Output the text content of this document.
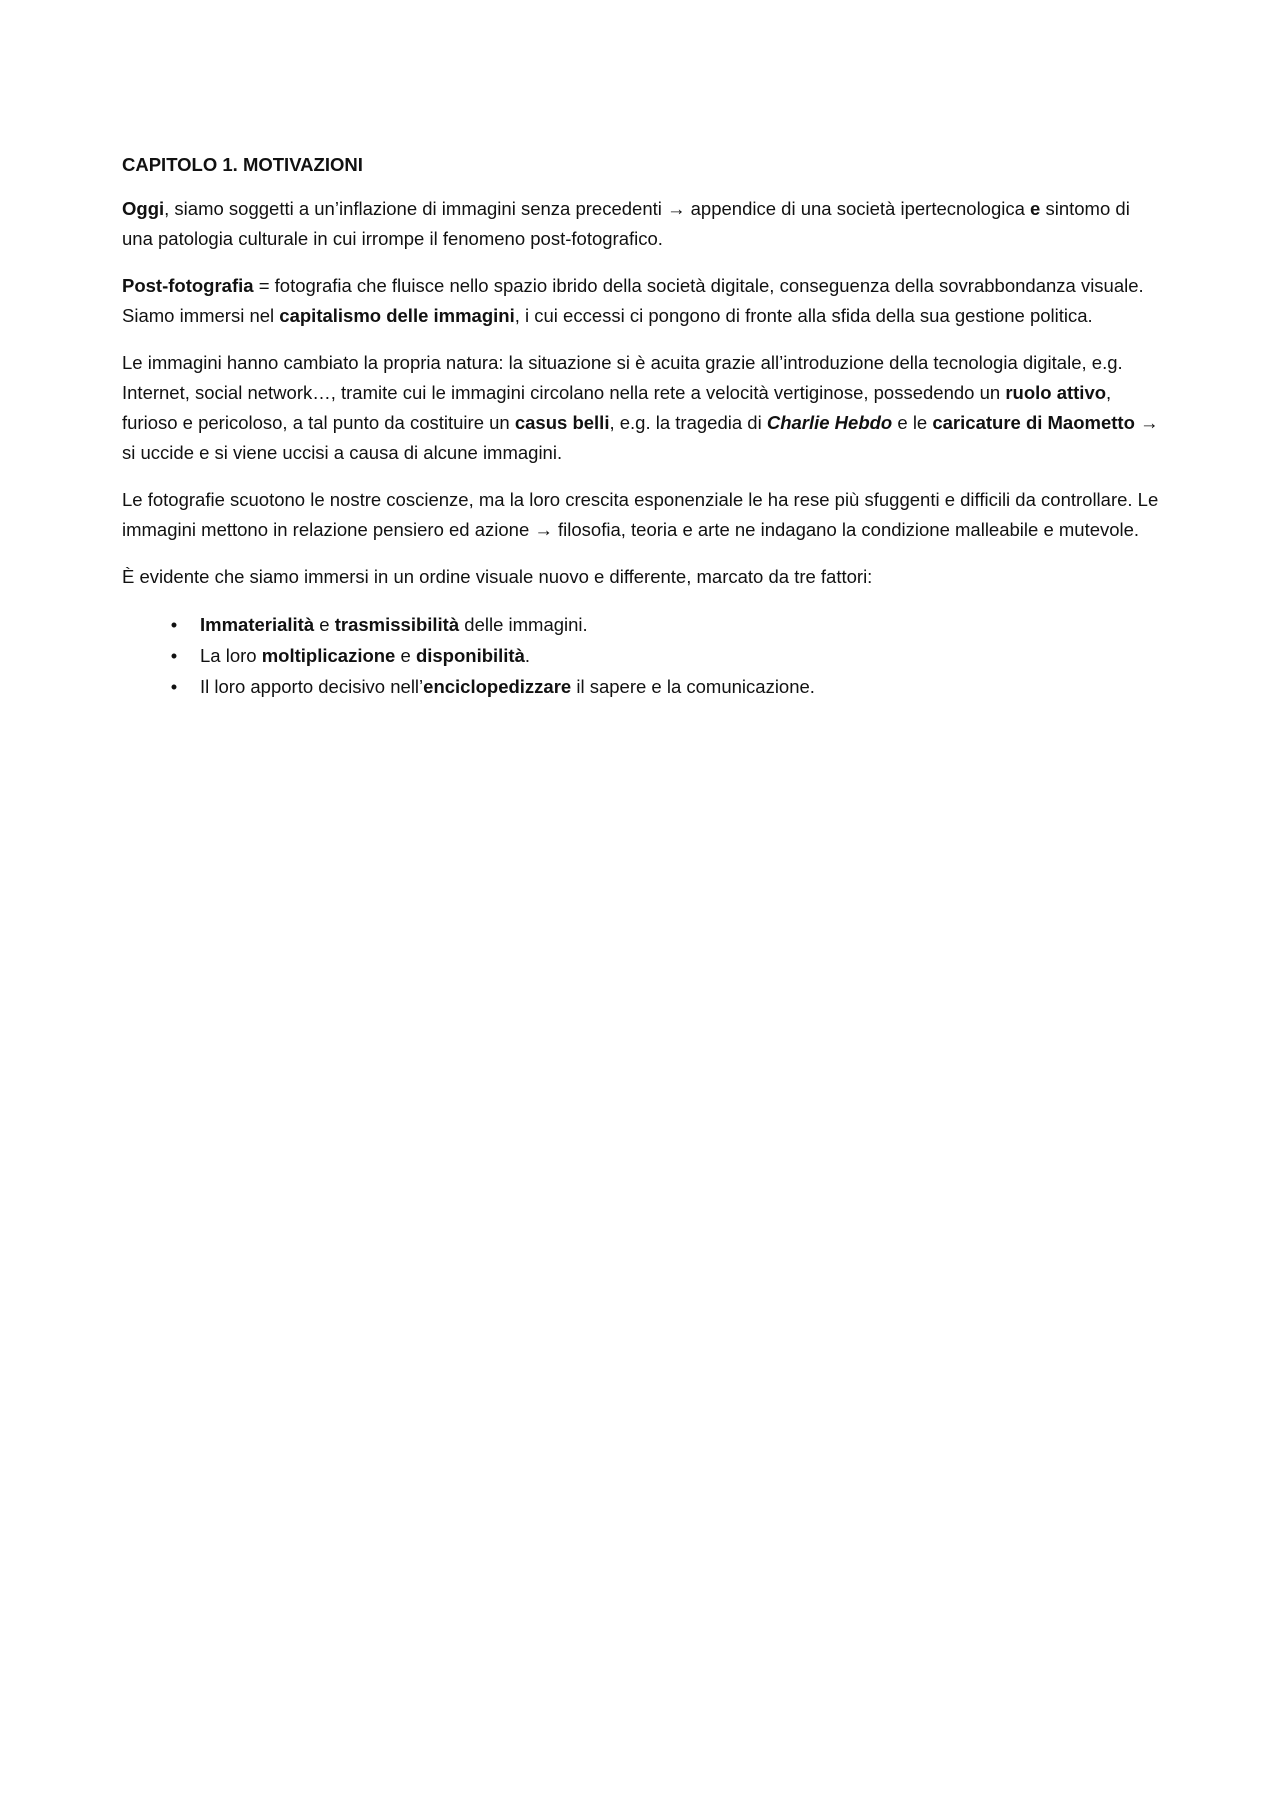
CAPITOLO 1. MOTIVAZIONI

Oggi, siamo soggetti a un’inflazione di immagini senza precedenti → appendice di una società ipertecnologica e sintomo di una patologia culturale in cui irrompe il fenomeno post-fotografico.

Post-fotografia = fotografia che fluisce nello spazio ibrido della società digitale, conseguenza della sovrabbondanza visuale. Siamo immersi nel capitalismo delle immagini, i cui eccessi ci pongono di fronte alla sfida della sua gestione politica.

Le immagini hanno cambiato la propria natura: la situazione si è acuita grazie all’introduzione della tecnologia digitale, e.g. Internet, social network…, tramite cui le immagini circolano nella rete a velocità vertiginose, possedendo un ruolo attivo, furioso e pericoloso, a tal punto da costituire un casus belli, e.g. la tragedia di Charlie Hebdo e le caricature di Maometto → si uccide e si viene uccisi a causa di alcune immagini.

Le fotografie scuotono le nostre coscienze, ma la loro crescita esponenziale le ha rese più sfuggenti e difficili da controllare. Le immagini mettono in relazione pensiero ed azione → filosofia, teoria e arte ne indagano la condizione malleabile e mutevole.

È evidente che siamo immersi in un ordine visuale nuovo e differente, marcato da tre fattori:

•	Immaterialità e trasmissibilità delle immagini.
•	La loro moltiplicazione e disponibilità.
•	Il loro apporto decisivo nell’enciclopedizzare il sapere e la comunicazione.
